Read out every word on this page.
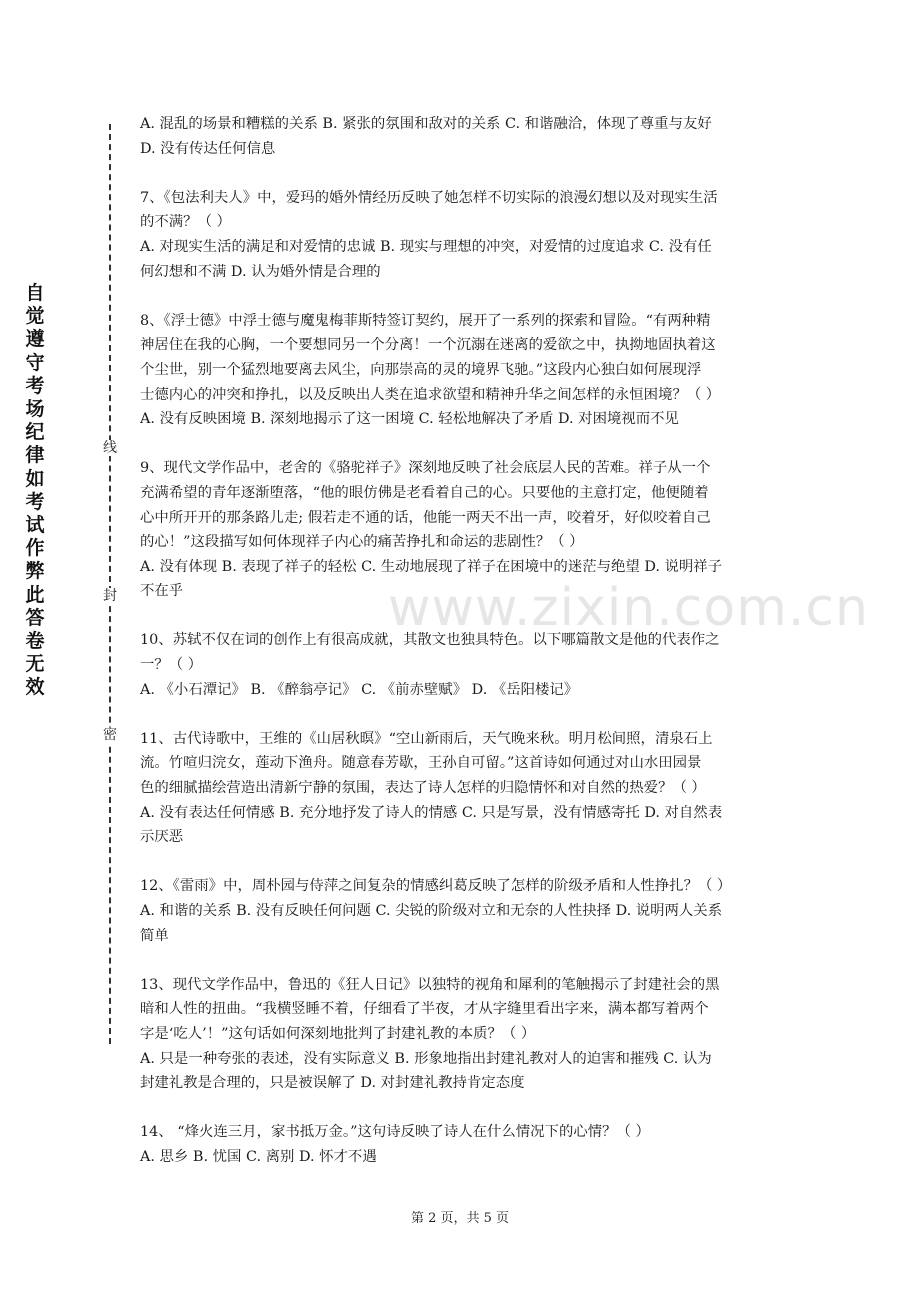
自
觉
遵
守
考
场
纪
律
如
考
试
作
弊
此
答
卷
无
效
线
封
密
www.zixin.com.cn

A. 混乱的场景和糟糕的关系 B. 紧张的氛围和敌对的关系 C. 和谐融洽，体现了尊重与友好

D. 没有传达任何信息

7、《包法利夫人》中，爱玛的婚外情经历反映了她怎样不切实际的浪漫幻想以及对现实生活

的不满？（ ）

A. 对现实生活的满足和对爱情的忠诚 B. 现实与理想的冲突，对爱情的过度追求 C. 没有任

何幻想和不满 D. 认为婚外情是合理的

8、《浮士德》中浮士德与魔鬼梅菲斯特签订契约，展开了一系列的探索和冒险。“有两种精

神居住在我的心胸，一个要想同另一个分离！一个沉溺在迷离的爱欲之中，执拗地固执着这

个尘世，别一个猛烈地要离去风尘，向那崇高的灵的境界飞驰。”这段内心独白如何展现浮

士德内心的冲突和挣扎，以及反映出人类在追求欲望和精神升华之间怎样的永恒困境？（ ）

A. 没有反映困境 B. 深刻地揭示了这一困境 C. 轻松地解决了矛盾 D. 对困境视而不见

9、现代文学作品中，老舍的《骆驼祥子》深刻地反映了社会底层人民的苦难。祥子从一个

充满希望的青年逐渐堕落，“他的眼仿佛是老看着自己的心。只要他的主意打定，他便随着

心中所开开的那条路儿走; 假若走不通的话，他能一两天不出一声，咬着牙，好似咬着自己

的心！”这段描写如何体现祥子内心的痛苦挣扎和命运的悲剧性？（ ）

A. 没有体现 B. 表现了祥子的轻松 C. 生动地展现了祥子在困境中的迷茫与绝望 D. 说明祥子

不在乎

10、苏轼不仅在词的创作上有很高成就，其散文也独具特色。以下哪篇散文是他的代表作之

一？（ ）

A. 《小石潭记》 B. 《醉翁亭记》 C. 《前赤壁赋》 D. 《岳阳楼记》

11、古代诗歌中，王维的《山居秋暝》“空山新雨后，天气晚来秋。明月松间照，清泉石上

流。竹喧归浣女，莲动下渔舟。随意春芳歇，王孙自可留。”这首诗如何通过对山水田园景

色的细腻描绘营造出清新宁静的氛围，表达了诗人怎样的归隐情怀和对自然的热爱？（ ）

A. 没有表达任何情感 B. 充分地抒发了诗人的情感 C. 只是写景，没有情感寄托 D. 对自然表

示厌恶

12、《雷雨》中，周朴园与侍萍之间复杂的情感纠葛反映了怎样的阶级矛盾和人性挣扎？（ ）

A. 和谐的关系 B. 没有反映任何问题 C. 尖锐的阶级对立和无奈的人性抉择 D. 说明两人关系

简单

13、现代文学作品中，鲁迅的《狂人日记》以独特的视角和犀利的笔触揭示了封建社会的黑

暗和人性的扭曲。“我横竖睡不着，仔细看了半夜，才从字缝里看出字来，满本都写着两个

字是‘吃人’！”这句话如何深刻地批判了封建礼教的本质？（ ）

A. 只是一种夸张的表述，没有实际意义 B. 形象地指出封建礼教对人的迫害和摧残 C. 认为

封建礼教是合理的，只是被误解了 D. 对封建礼教持肯定态度

14、 “烽火连三月，家书抵万金。”这句诗反映了诗人在什么情况下的心情？（ ）

A. 思乡 B. 忧国 C. 离别 D. 怀才不遇

第 2 页，共 5 页
